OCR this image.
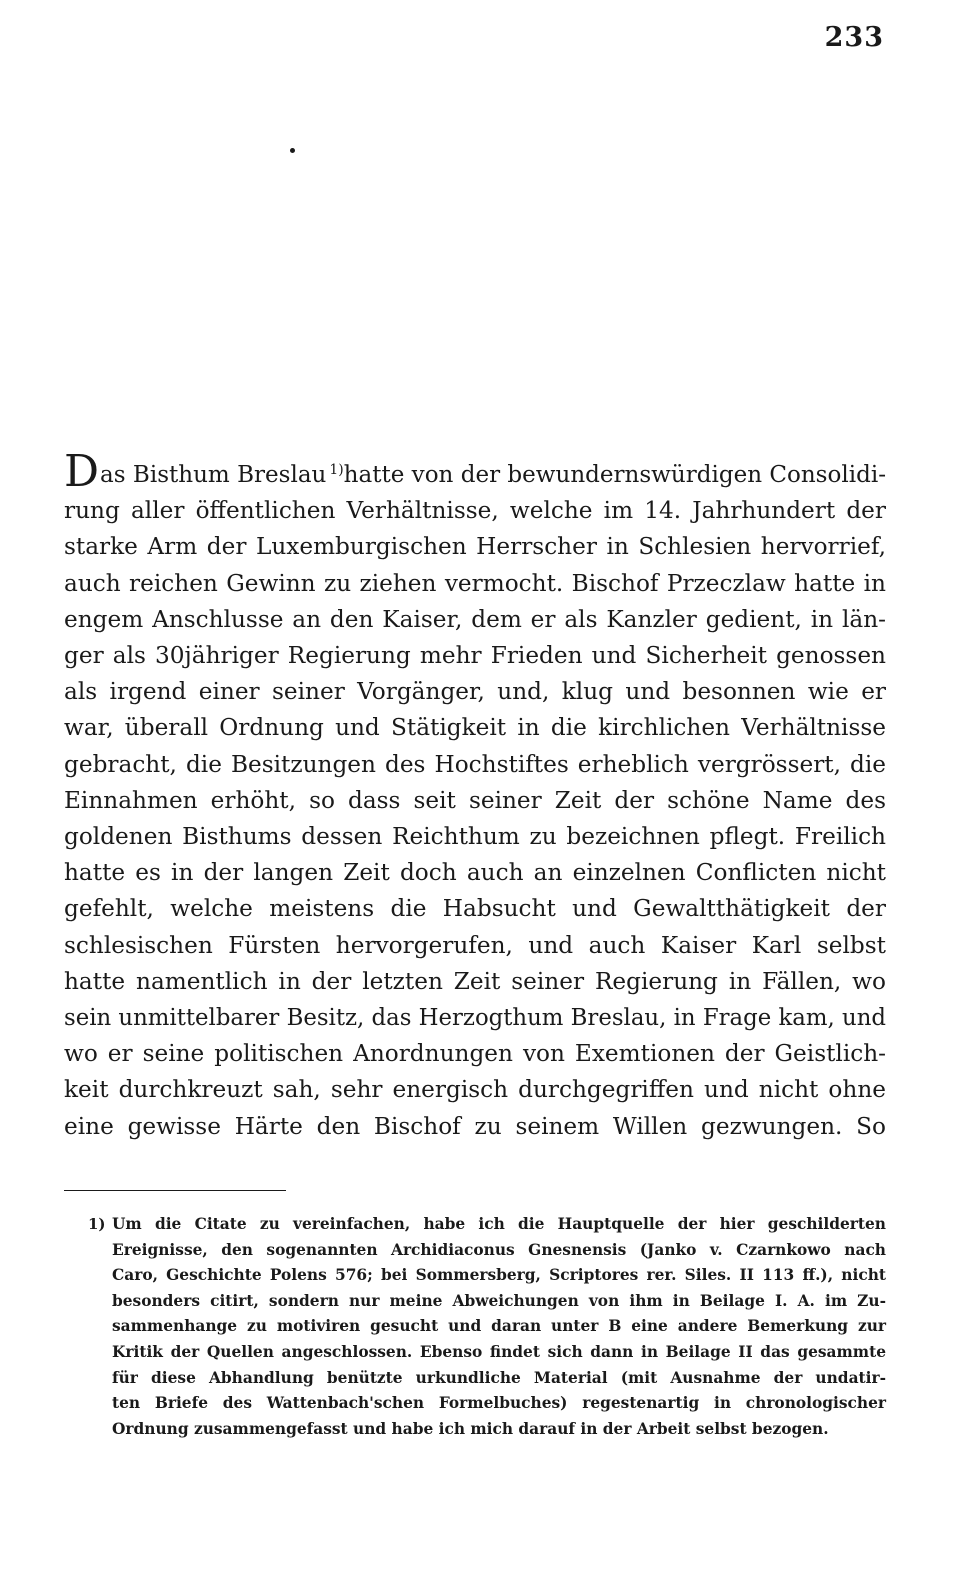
233
Das Bisthum Breslau $^{1)}$hatte von der bewundernswürdigen Consolidi-
rung aller öffentlichen Verhältnisse, welche im 14. Jahrhundert der
starke Arm der Luxemburgischen Herrscher in Schlesien hervorrief,
auch reichen Gewinn zu ziehen vermocht. Bischof Przeczlaw hatte in
engem Anschlusse an den Kaiser, dem er als Kanzler gedient, in län-
ger als 30jähriger Regierung mehr Frieden und Sicherheit genossen
als irgend einer seiner Vorgänger, und, klug und besonnen wie er
war, überall Ordnung und Stätigkeit in die kirchlichen Verhältnisse
gebracht, die Besitzungen des Hochstiftes erheblich vergrössert, die
Einnahmen erhöht, so dass seit seiner Zeit der schöne Name des
goldenen Bisthums dessen Reichthum zu bezeichnen pflegt. Freilich
hatte es in der langen Zeit doch auch an einzelnen Conflicten nicht
gefehlt, welche meistens die Habsucht und Gewaltthätigkeit der
schlesischen Fürsten hervorgerufen, und auch Kaiser Karl selbst
hatte namentlich in der letzten Zeit seiner Regierung in Fällen, wo
sein unmittelbarer Besitz, das Herzogthum Breslau, in Frage kam, und
wo er seine politischen Anordnungen von Exemtionen der Geistlich-
keit durchkreuzt sah, sehr energisch durchgegriffen und nicht ohne
eine gewisse Härte den Bischof zu seinem Willen gezwungen. So
1) Um die Citate zu vereinfachen, habe ich die Hauptquelle der hier geschilderten
Ereignisse, den sogenannten Archidiaconus Gnesnensis (Janko v. Czarnkowo nach
Caro, Geschichte Polens 576; bei Sommersberg, Scriptores rer. Siles. II 113 ff.), nicht
besonders citirt, sondern nur meine Abweichungen von ihm in Beilage I. A. im Zu-
sammenhange zu motiviren gesucht und daran unter B eine andere Bemerkung zur
Kritik der Quellen angeschlossen. Ebenso findet sich dann in Beilage II das gesammte
für diese Abhandlung benützte urkundliche Material (mit Ausnahme der undatir-
ten Briefe des Wattenbach'schen Formelbuches) regestenartig in chronologischer
Ordnung zusammengefasst und habe ich mich darauf in der Arbeit selbst bezogen.
